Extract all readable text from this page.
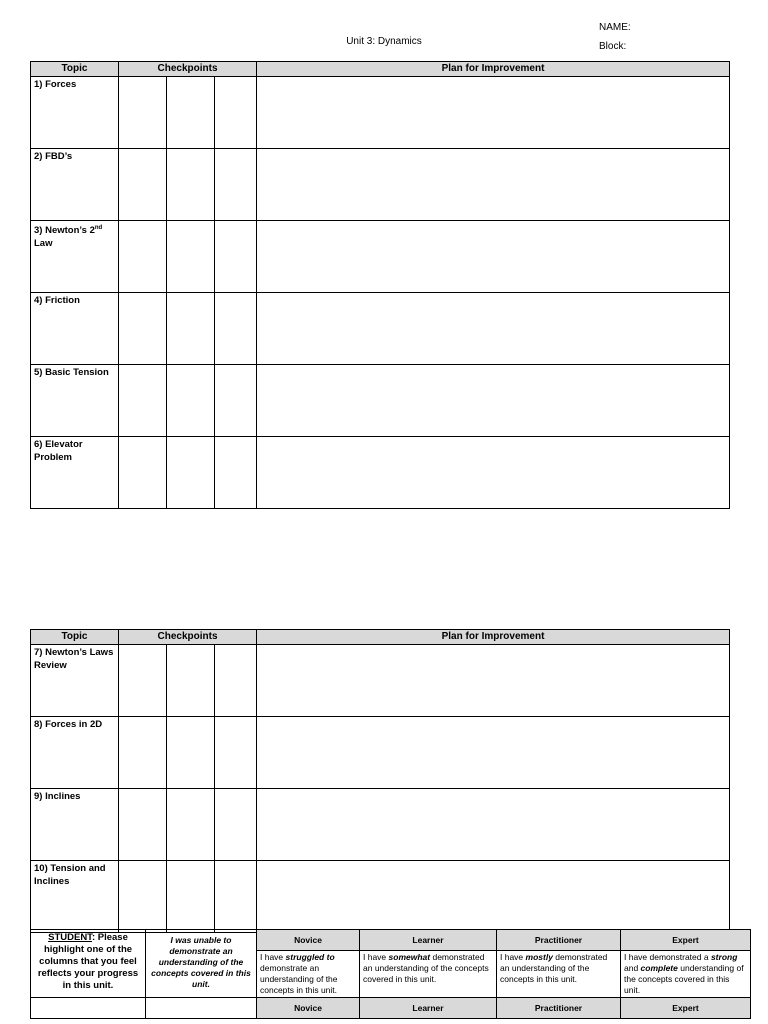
Unit 3: Dynamics
NAME:
Block:
Topic	Checkpoints			Plan for Improvement
1) Forces				
2) FBD’s				
3) Newton’s 2nd
Law				
4) Friction				
5) Basic Tension				
6) Elevator Problem				
Topic	Checkpoints			Plan for Improvement
7) Newton’s Laws Review				
8) Forces in 2D				
9) Inclines				
10) Tension and Inclines				
STUDENT: Please highlight one of the columns that you feel reflects your progress in this unit.	I was unable to demonstrate an understanding of the concepts covered in this unit.	Novice	Learner	Practitioner	Expert
		I have struggled to demonstrate an understanding of the concepts in this unit.	I have somewhat demonstrated an understanding of the concepts covered in this unit.	I have mostly demonstrated an understanding of the concepts in this unit.	I have demonstrated a strong and complete understanding of the concepts covered in this unit.
		Novice	Learner	Practitioner	Expert
